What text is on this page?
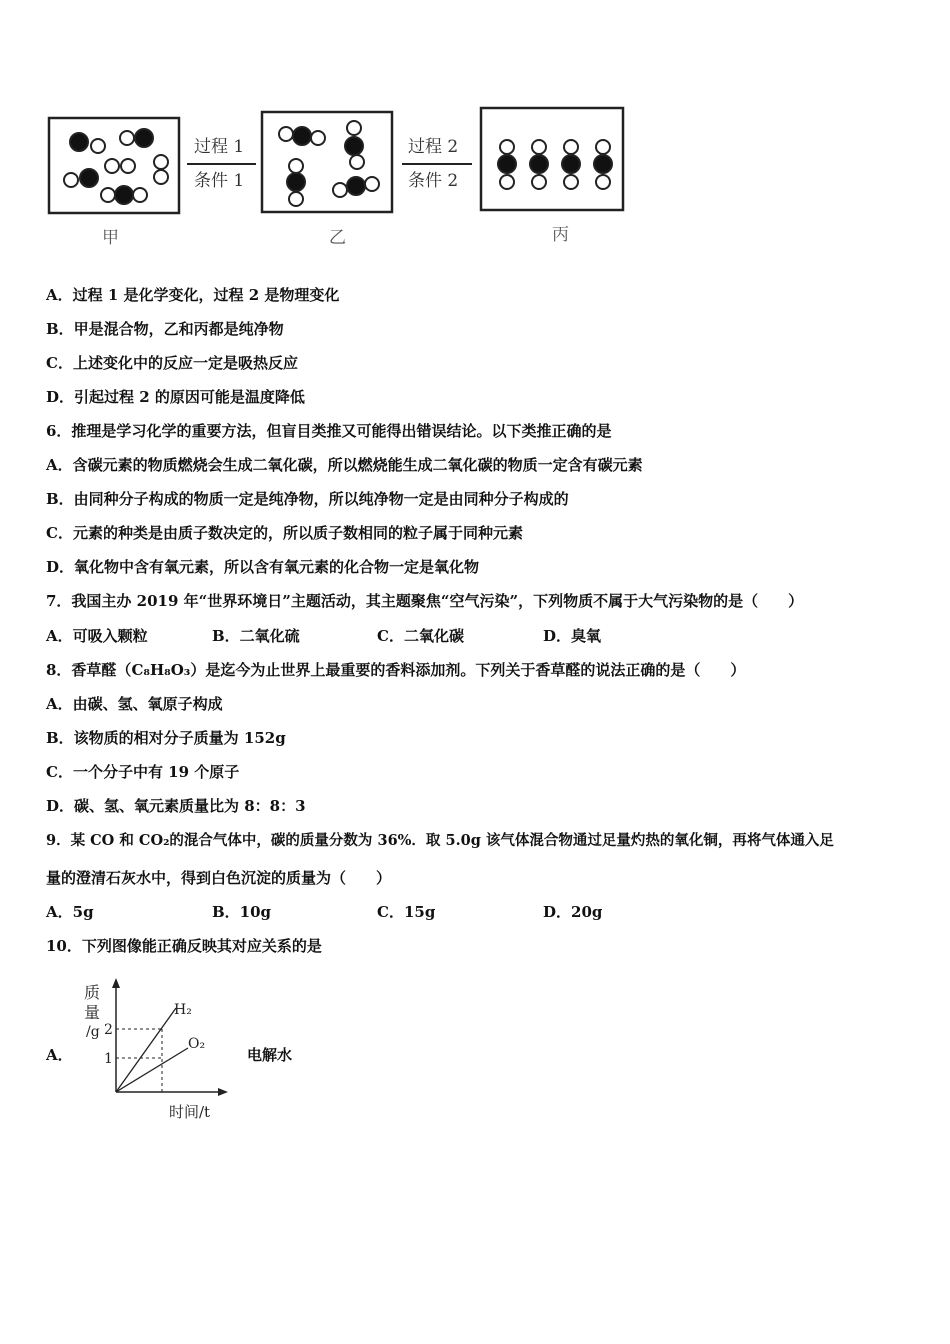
过程 1
条件 1
过程 2
条件 2
甲	乙	丙
A．过程 1 是化学变化，过程 2 是物理变化
B．甲是混合物，乙和丙都是纯净物
C．上述变化中的反应一定是吸热反应
D．引起过程 2 的原因可能是温度降低
6．推理是学习化学的重要方法，但盲目类推又可能得出错误结论。以下类推正确的是
A．含碳元素的物质燃烧会生成二氧化碳，所以燃烧能生成二氧化碳的物质一定含有碳元素
B．由同种分子构成的物质一定是纯净物，所以纯净物一定是由同种分子构成的
C．元素的种类是由质子数决定的，所以质子数相同的粒子属于同种元素
D．氧化物中含有氧元素，所以含有氧元素的化合物一定是氧化物
7．我国主办 2019 年“世界环境日”主题活动，其主题聚焦“空气污染”，下列物质不属于大气污染物的是（　　）
A．可吸入颗粒	B．二氧化硫	C．二氧化碳	D．臭氧
8．香草醛（C₈H₈O₃）是迄今为止世界上最重要的香料添加剂。下列关于香草醛的说法正确的是（　　）
A．由碳、氢、氧原子构成
B．该物质的相对分子质量为 152g
C．一个分子中有 19 个原子
D．碳、氢、氧元素质量比为 8：8：3
9．某 CO 和 CO₂的混合气体中，碳的质量分数为 36%．取 5.0g 该气体混合物通过足量灼热的氧化铜，再将气体通入足
量的澄清石灰水中，得到白色沉淀的质量为（　　）
A．5g	B．10g	C．15g	D．20g
10．下列图像能正确反映其对应关系的是
A．
质
量
/g 2
1
H₂
O₂
时间/t
电解水
